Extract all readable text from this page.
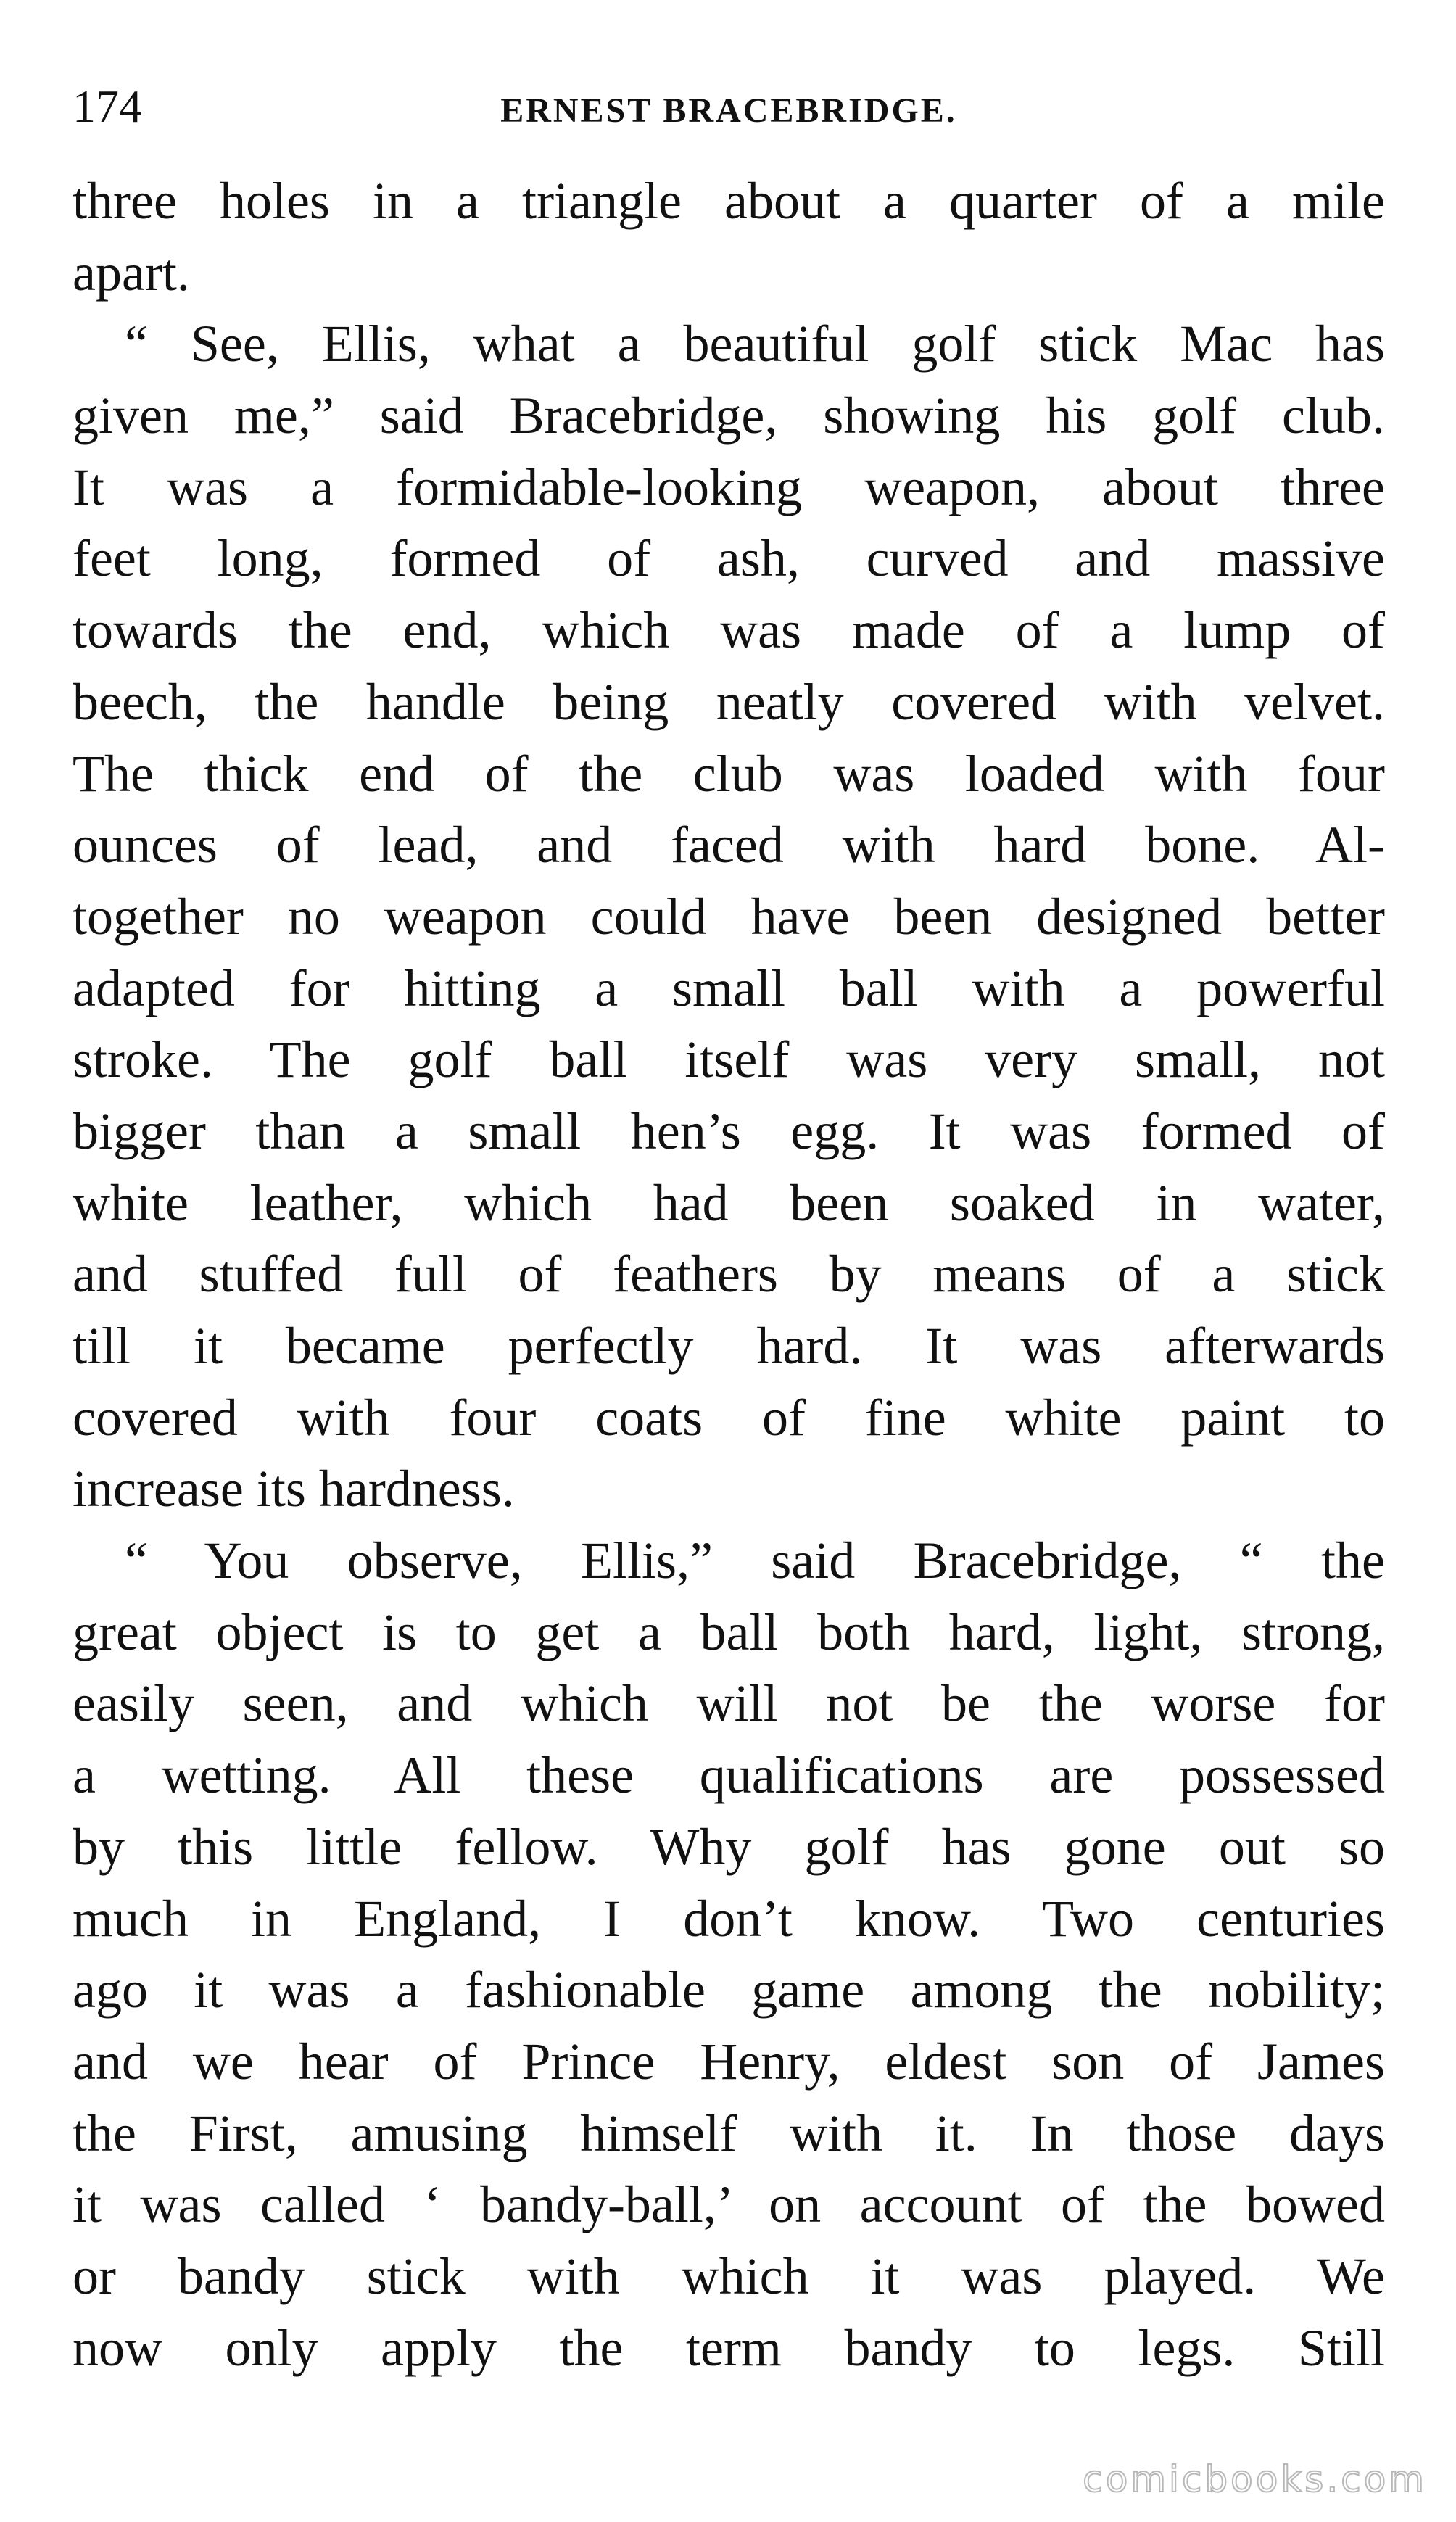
174	ERNEST BRACEBRIDGE.
three holes in a triangle about a quarter of a mile
apart.
“ See, Ellis, what a beautiful golf stick Mac has
given me,” said Bracebridge, showing his golf club.
It was a formidable-looking weapon, about three
feet long, formed of ash, curved and massive
towards the end, which was made of a lump of
beech, the handle being neatly covered with velvet.
The thick end of the club was loaded with four
ounces of lead, and faced with hard bone. Al-
together no weapon could have been designed better
adapted for hitting a small ball with a powerful
stroke. The golf ball itself was very small, not
bigger than a small hen’s egg. It was formed of
white leather, which had been soaked in water,
and stuffed full of feathers by means of a stick
till it became perfectly hard. It was afterwards
covered with four coats of fine white paint to
increase its hardness.
“ You observe, Ellis,” said Bracebridge, “ the
great object is to get a ball both hard, light, strong,
easily seen, and which will not be the worse for
a wetting. All these qualifications are possessed
by this little fellow. Why golf has gone out so
much in England, I don’t know. Two centuries
ago it was a fashionable game among the nobility;
and we hear of Prince Henry, eldest son of James
the First, amusing himself with it. In those days
it was called ‘ bandy-ball,’ on account of the bowed
or bandy stick with which it was played. We
now only apply the term bandy to legs. Still
comicbooks.com
